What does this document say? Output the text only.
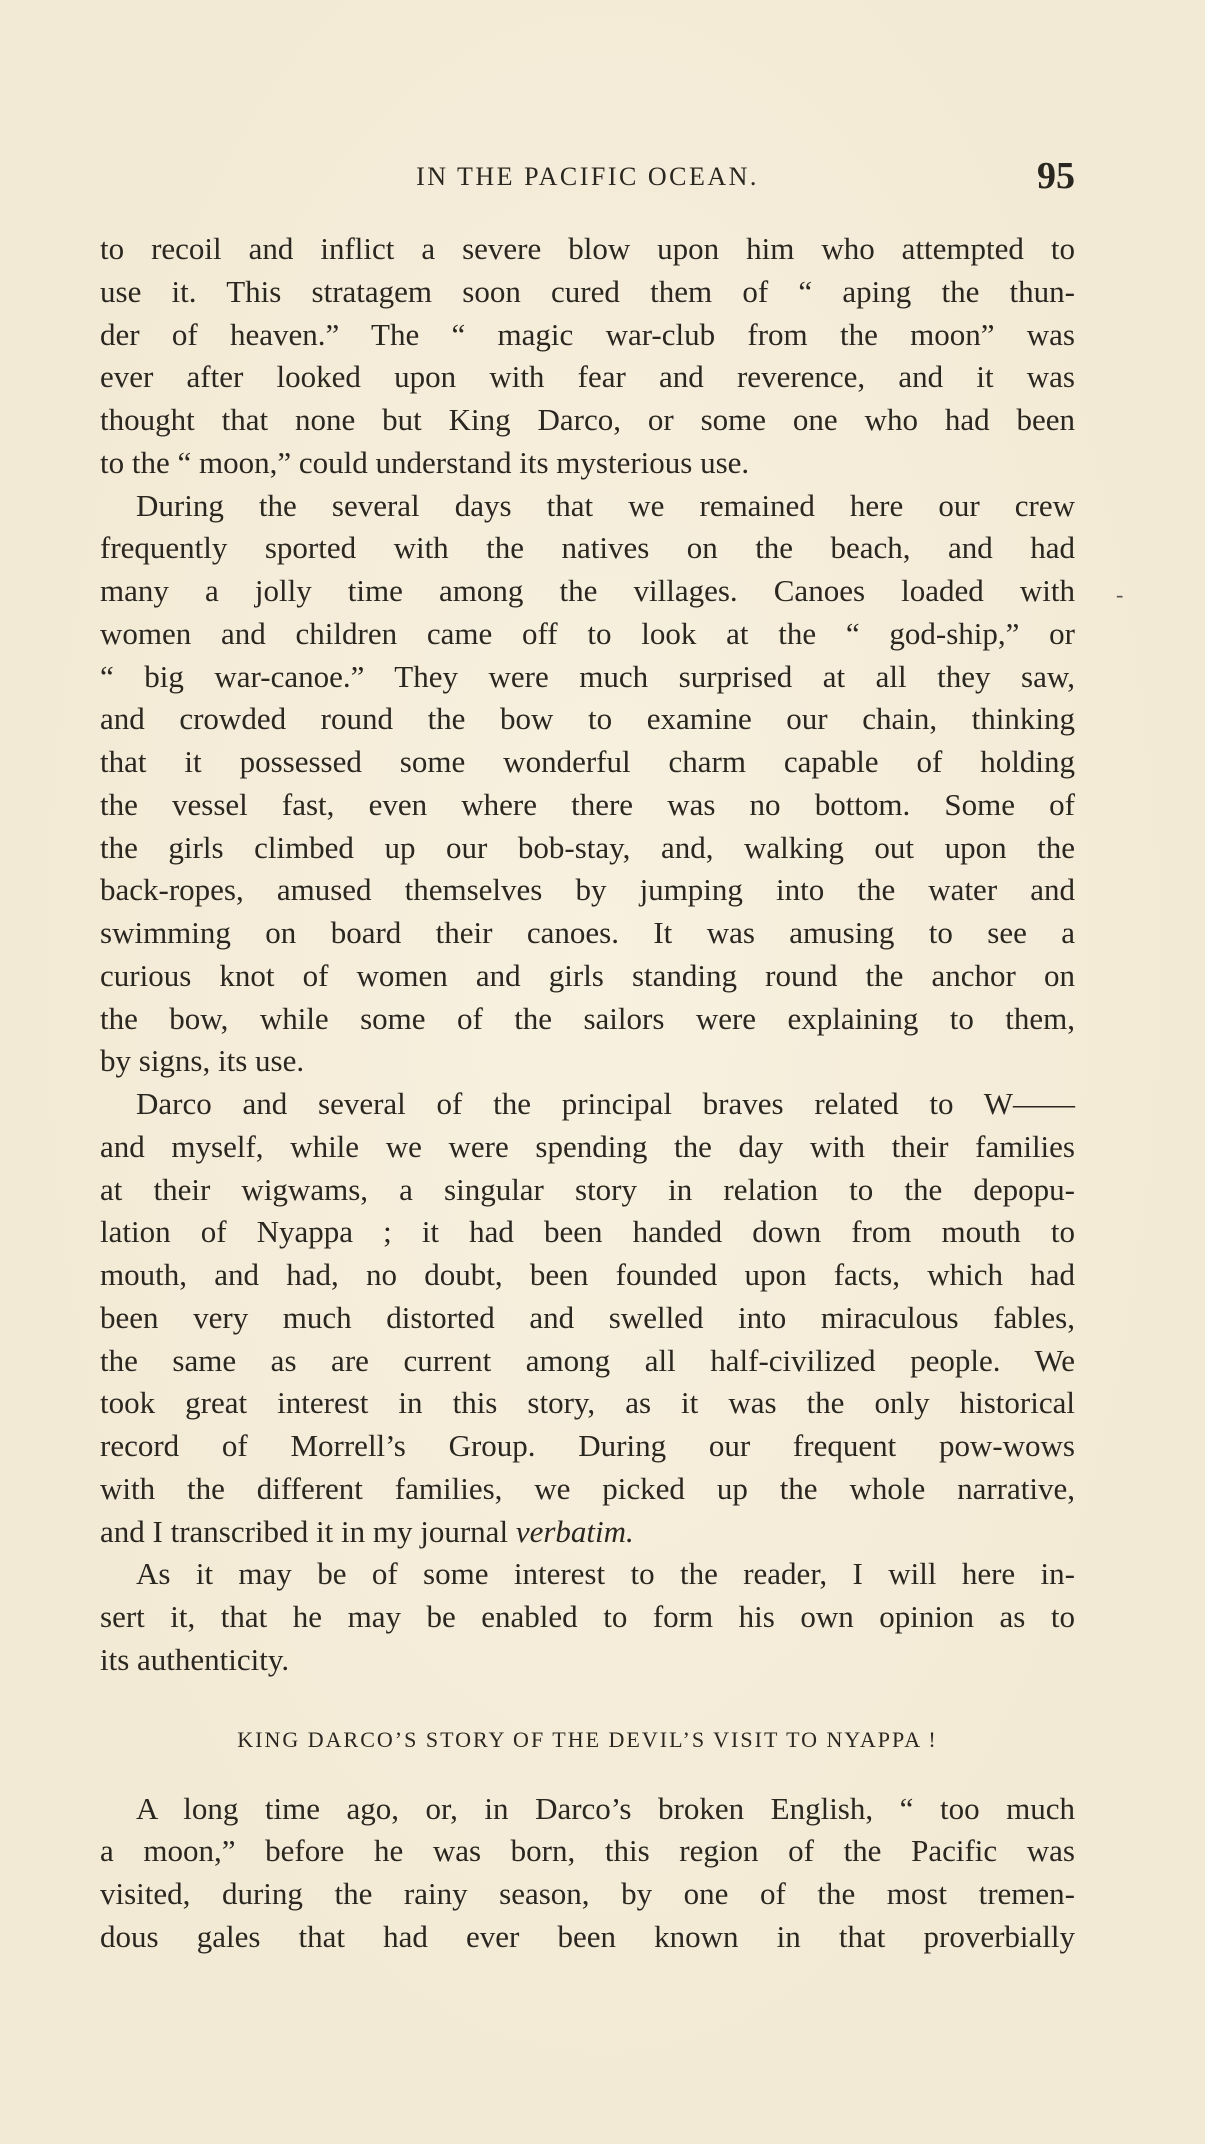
IN THE PACIFIC OCEAN.	95
-
to recoil and inflict a severe blow upon him who attempted to
use it. This stratagem soon cured them of “ aping the thun-
der of heaven.” The “ magic war-club from the moon” was
ever after looked upon with fear and reverence, and it was
thought that none but King Darco, or some one who had been
to the “ moon,” could understand its mysterious use.
During the several days that we remained here our crew
frequently sported with the natives on the beach, and had
many a jolly time among the villages. Canoes loaded with
women and children came off to look at the “ god-ship,” or
“ big war-canoe.” They were much surprised at all they saw,
and crowded round the bow to examine our chain, thinking
that it possessed some wonderful charm capable of holding
the vessel fast, even where there was no bottom. Some of
the girls climbed up our bob-stay, and, walking out upon the
back-ropes, amused themselves by jumping into the water and
swimming on board their canoes. It was amusing to see a
curious knot of women and girls standing round the anchor on
the bow, while some of the sailors were explaining to them,
by signs, its use.
Darco and several of the principal braves related to W——
and myself, while we were spending the day with their families
at their wigwams, a singular story in relation to the depopu-
lation of Nyappa ; it had been handed down from mouth to
mouth, and had, no doubt, been founded upon facts, which had
been very much distorted and swelled into miraculous fables,
the same as are current among all half-civilized people. We
took great interest in this story, as it was the only historical
record of Morrell’s Group. During our frequent pow-wows
with the different families, we picked up the whole narrative,
and I transcribed it in my journal verbatim.
As it may be of some interest to the reader, I will here in-
sert it, that he may be enabled to form his own opinion as to
its authenticity.
KING DARCO’S STORY OF THE DEVIL’S VISIT TO NYAPPA !
A long time ago, or, in Darco’s broken English, “ too much
a moon,” before he was born, this region of the Pacific was
visited, during the rainy season, by one of the most tremen-
dous gales that had ever been known in that proverbially
